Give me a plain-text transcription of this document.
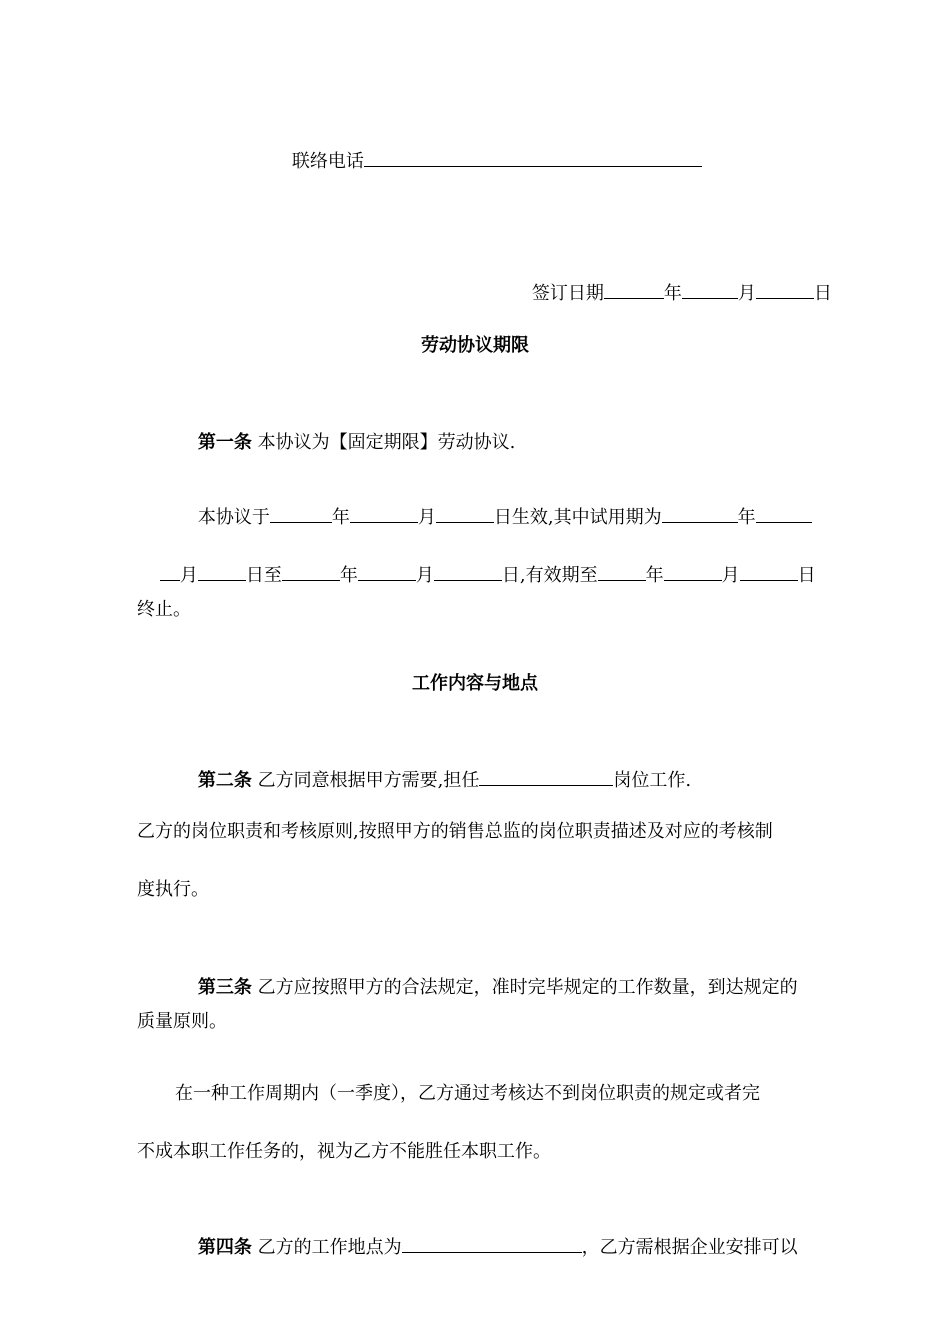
联络电话

签订日期	年	月	日

劳动协议期限

第一条 本协议为【固定期限】劳动协议.

本协议于	年	月	日生效,其中试用期为	年

月	日至	年	月	日,有效期至	年	月	日

终止。
工作内容与地点

第二条 乙方同意根据甲方需要,担任	岗位工作.

乙方的岗位职责和考核原则,按照甲方的销售总监的岗位职责描述及对应的考核制
度执行。

第三条 乙方应按照甲方的合法规定，准时完毕规定的工作数量，到达规定的

质量原则。
在一种工作周期内（一季度），乙方通过考核达不到岗位职责的规定或者完
不成本职工作任务的，视为乙方不能胜任本职工作。

第四条 乙方的工作地点为	，乙方需根据企业安排可以
